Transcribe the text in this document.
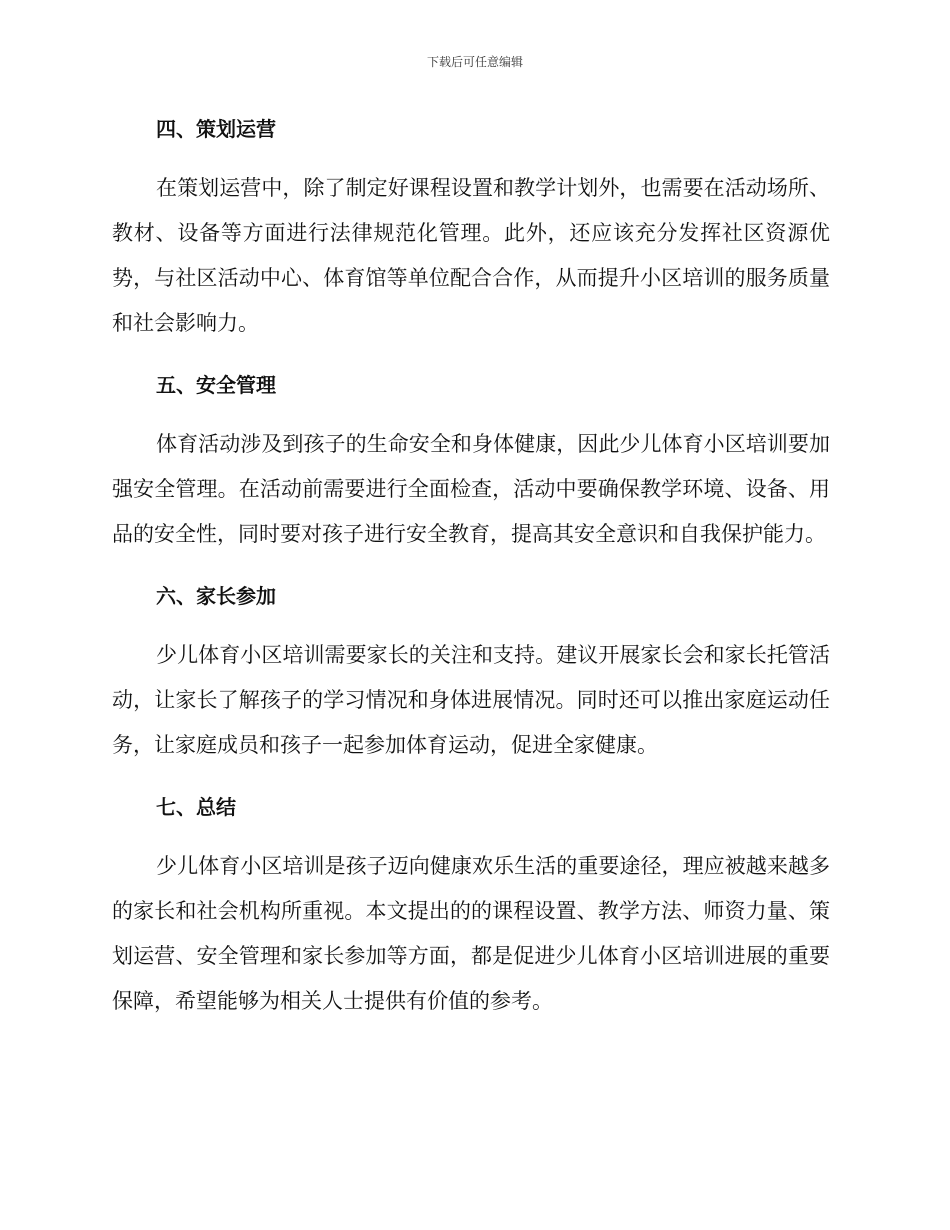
下载后可任意编辑
四、策划运营

在策划运营中，除了制定好课程设置和教学计划外，也需要在活动场所、教材、设备等方面进行法律规范化管理。此外，还应该充分发挥社区资源优势，与社区活动中心、体育馆等单位配合合作，从而提升小区培训的服务质量和社会影响力。

五、安全管理

体育活动涉及到孩子的生命安全和身体健康，因此少儿体育小区培训要加强安全管理。在活动前需要进行全面检查，活动中要确保教学环境、设备、用品的安全性，同时要对孩子进行安全教育，提高其安全意识和自我保护能力。

六、家长参加

少儿体育小区培训需要家长的关注和支持。建议开展家长会和家长托管活动，让家长了解孩子的学习情况和身体进展情况。同时还可以推出家庭运动任务，让家庭成员和孩子一起参加体育运动，促进全家健康。

七、总结

少儿体育小区培训是孩子迈向健康欢乐生活的重要途径，理应被越来越多的家长和社会机构所重视。本文提出的的课程设置、教学方法、师资力量、策划运营、安全管理和家长参加等方面，都是促进少儿体育小区培训进展的重要保障，希望能够为相关人士提供有价值的参考。
